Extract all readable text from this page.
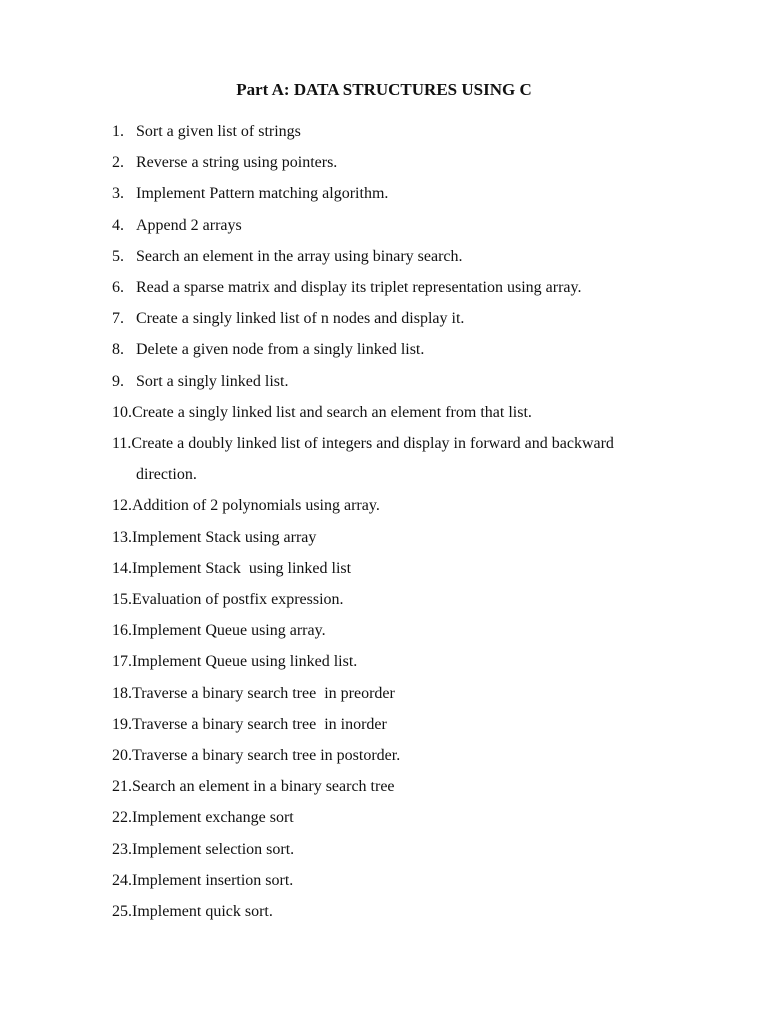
Part A: DATA STRUCTURES USING C
1. Sort a given list of strings
2. Reverse a string using pointers.
3. Implement Pattern matching algorithm.
4. Append 2 arrays
5. Search an element in the array using binary search.
6. Read a sparse matrix and display its triplet representation using array.
7. Create a singly linked list of n nodes and display it.
8. Delete a given node from a singly linked list.
9. Sort a singly linked list.
10.Create a singly linked list and search an element from that list.
11.Create a doubly linked list of integers and display in forward and backward
direction.
12.Addition of 2 polynomials using array.
13.Implement Stack using array
14.Implement Stack  using linked list
15.Evaluation of postfix expression.
16.Implement Queue using array.
17.Implement Queue using linked list.
18.Traverse a binary search tree  in preorder
19.Traverse a binary search tree  in inorder
20.Traverse a binary search tree in postorder.
21.Search an element in a binary search tree
22.Implement exchange sort
23.Implement selection sort.
24.Implement insertion sort.
25.Implement quick sort.
